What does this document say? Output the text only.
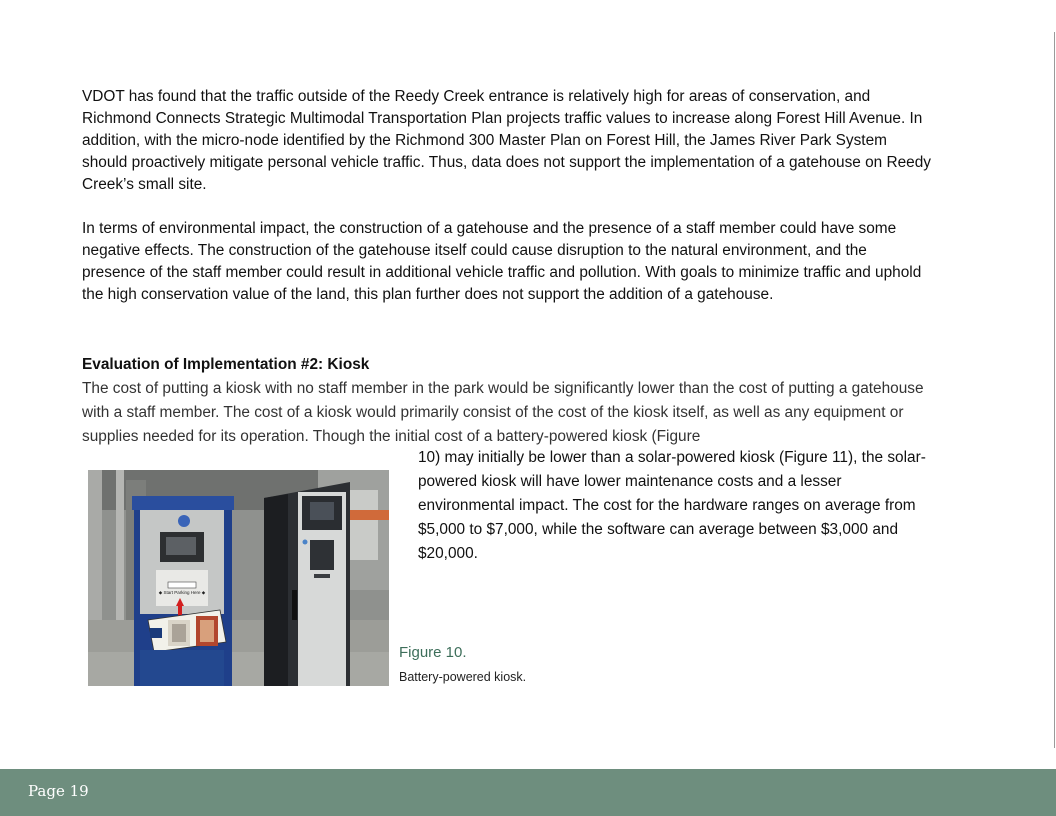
VDOT has found that the traffic outside of the Reedy Creek entrance is relatively high for areas of conservation, and Richmond Connects Strategic Multimodal Transportation Plan projects traffic values to increase along Forest Hill Avenue. In addition, with the micro-node identified by the Richmond 300 Master Plan on Forest Hill, the James River Park System should proactively mitigate personal vehicle traffic. Thus, data does not support the implementation of a gatehouse on Reedy Creek’s small site.

In terms of environmental impact, the construction of a gatehouse and the presence of a staff member could have some negative effects. The construction of the gatehouse itself could cause disruption to the natural environment, and the presence of the staff member could result in additional vehicle traffic and pollution. With goals to minimize traffic and uphold the high conservation value of the land, this plan further does not support the addition of a gatehouse.

Evaluation of Implementation #2: Kiosk

The cost of putting a kiosk with no staff member in the park would be significantly lower than the cost of putting a gatehouse with a staff member. The cost of a kiosk would primarily consist of the cost of the kiosk itself, as well as any equipment or supplies needed for its operation. Though the initial cost of a battery-powered kiosk (Figure

10) may initially be lower than a solar-powered kiosk (Figure 11), the solar-powered kiosk will have lower maintenance costs and a lesser environmental impact. The cost for the hardware ranges on average from $5,000 to $7,000, while the software can average between $3,000 and $20,000.

◆ Start Parking Here ◆

Figure 10.

Battery-powered kiosk.

Page 19
